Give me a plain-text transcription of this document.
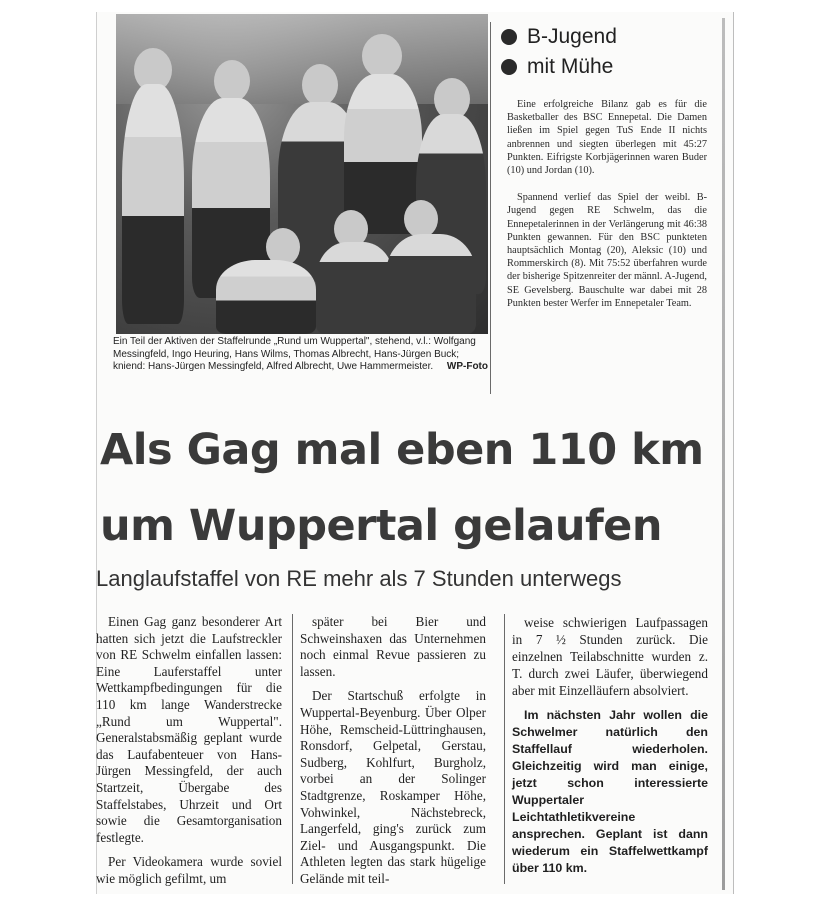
Ein Teil der Aktiven der Staffelrunde „Rund um Wuppertal", stehend, v.l.: Wolfgang Messingfeld, Ingo Heuring, Hans Wilms, Thomas Albrecht, Hans-Jürgen Buck; kniend: Hans-Jürgen Messingfeld, Alfred Albrecht, Uwe Hammermeister. WP-Foto
B-Jugend
mit Mühe

Eine erfolgreiche Bilanz gab es für die Basketballer des BSC Ennepetal. Die Damen ließen im Spiel gegen TuS Ende II nichts anbrennen und siegten überlegen mit 45:27 Punkten. Eifrigste Korbjägerinnen waren Buder (10) und Jordan (10).

Spannend verlief das Spiel der weibl. B-Jugend gegen RE Schwelm, das die Ennepetalerinnen in der Verlängerung mit 46:38 Punkten gewannen. Für den BSC punkteten hauptsächlich Montag (20), Aleksic (10) und Rommerskirch (8). Mit 75:52 überfahren wurde der bisherige Spitzenreiter der männl. A-Jugend, SE Gevelsberg. Bauschulte war dabei mit 28 Punkten bester Werfer im Ennepetaler Team.

Als Gag mal eben 110 km
um Wuppertal gelaufen
Langlaufstaffel von RE mehr als 7 Stunden unterwegs

Einen Gag ganz besonderer Art hatten sich jetzt die Laufstreckler von RE Schwelm einfallen lassen: Eine Lauferstaffel unter Wettkampfbedingungen für die 110 km lange Wanderstrecke „Rund um Wuppertal". Generalstabsmäßig geplant wurde das Laufabenteuer von Hans-Jürgen Messingfeld, der auch Startzeit, Übergabe des Staffelstabes, Uhrzeit und Ort sowie die Gesamtorganisation festlegte.

Per Videokamera wurde soviel wie möglich gefilmt, um

später bei Bier und Schweinshaxen das Unternehmen noch einmal Revue passieren zu lassen.

Der Startschuß erfolgte in Wuppertal-Beyenburg. Über Olper Höhe, Remscheid-Lüttringhausen, Ronsdorf, Gelpetal, Gerstau, Sudberg, Kohlfurt, Burgholz, vorbei an der Solinger Stadtgrenze, Roskamper Höhe, Vohwinkel, Nächstebreck, Langerfeld, ging's zurück zum Ziel- und Ausgangspunkt. Die Athleten legten das stark hügelige Gelände mit teil-

weise schwierigen Laufpassagen in 7 ½ Stunden zurück. Die einzelnen Teilabschnitte wurden z. T. durch zwei Läufer, überwiegend aber mit Einzelläufern absolviert.

Im nächsten Jahr wollen die Schwelmer natürlich den Staffellauf wiederholen. Gleichzeitig wird man einige, jetzt schon interessierte Wuppertaler Leichtathletikvereine ansprechen. Geplant ist dann wiederum ein Staffelwettkampf über 110 km.
